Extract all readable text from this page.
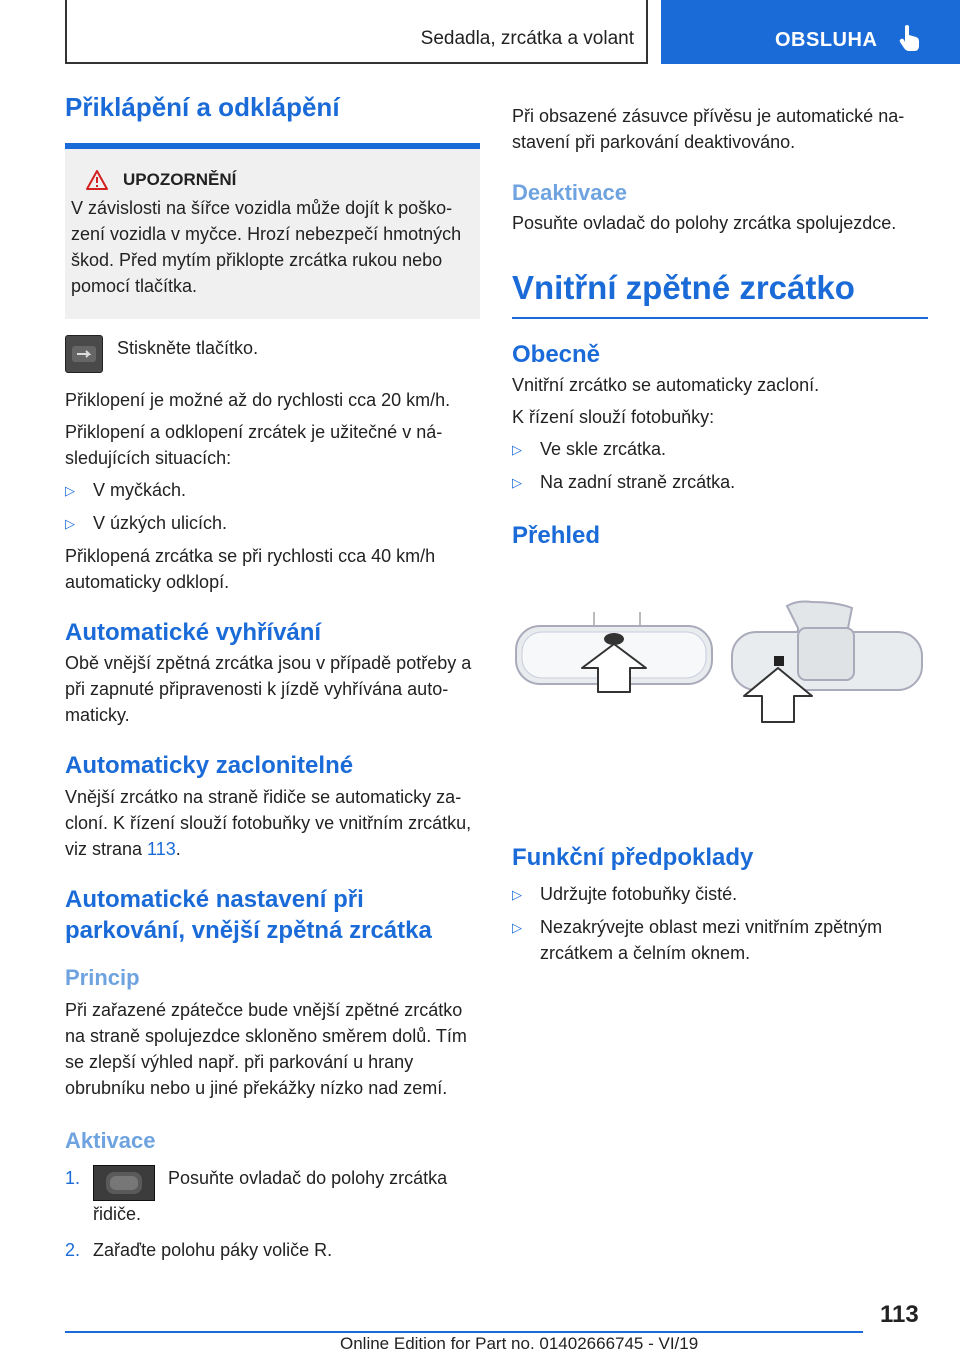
Sedadla, zrcátka a volant	OBSLUHA
Přiklápění a odklápění
UPOZORNĚNÍ

V závislosti na šířce vozidla může dojít k poškození vozidla v myčce. Hrozí nebezpečí hmotných škod. Před mytím přiklopte zrcátka rukou nebo pomocí tlačítka.

Stiskněte tlačítko.

Přiklopení je možné až do rychlosti cca 20 km/h.

Přiklopení a odklopení zrcátek je užitečné v následujících situacích:

▷	V myčkách.
▷	V úzkých ulicích.

Přiklopená zrcátka se při rychlosti cca 40 km/h automaticky odklopí.

Automatické vyhřívání

Obě vnější zpětná zrcátka jsou v případě potřeby a při zapnuté připravenosti k jízdě vyhřívána automaticky.

Automaticky zaclonitelné

Vnější zrcátko na straně řidiče se automaticky zacloní. K řízení slouží fotobuňky ve vnitřním zrcátku, viz strana 113.

Automatické nastavení při parkování, vnější zpětná zrcátka
Princip

Při zařazené zpátečce bude vnější zpětné zrcátko na straně spolujezdce skloněno směrem dolů. Tím se zlepší výhled např. při parkování u hrany obrubníku nebo u jiné překážky nízko nad zemí.

Aktivace
1.	Posuňte ovladač do polohy zrcátka řidiče.
2. Zařaďte polohu páky voliče R.

Při obsazené zásuvce přívěsu je automatické nastavení při parkování deaktivováno.

Deaktivace

Posuňte ovladač do polohy zrcátka spolujezdce.

Vnitřní zpětné zrcátko
Obecně

Vnitřní zrcátko se automaticky zacloní.

K řízení slouží fotobuňky:

▷	Ve skle zrcátka.
▷	Na zadní straně zrcátka.
Přehled
Funkční předpoklady
▷	Udržujte fotobuňky čisté.
▷	Nezakrývejte oblast mezi vnitřním zpětným zrcátkem a čelním oknem.
113
Online Edition for Part no. 01402666745 - VI/19
